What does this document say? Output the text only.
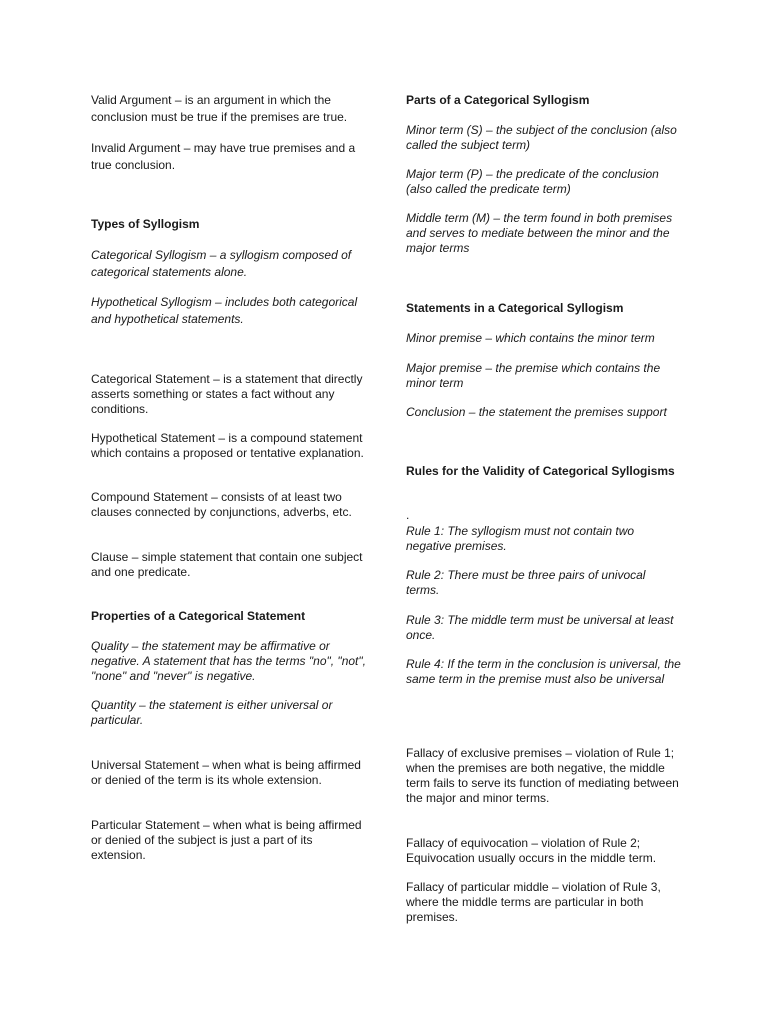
Valid Argument – is an argument in which the conclusion must be true if the premises are true.

Invalid Argument – may have true premises and a true conclusion.

Types of Syllogism

Categorical Syllogism – a syllogism composed of categorical statements alone.

Hypothetical Syllogism – includes both categorical and hypothetical statements.

Categorical Statement – is a statement that directly asserts something or states a fact without any conditions.

Hypothetical Statement – is a compound statement which contains a proposed or tentative explanation.

Compound Statement – consists of at least two clauses connected by conjunctions, adverbs, etc.

Clause – simple statement that contain one subject and one predicate.

Properties of a Categorical Statement

Quality – the statement may be affirmative or negative. A statement that has the terms "no", "not", "none" and "never" is negative.

Quantity – the statement is either universal or particular.

Universal Statement – when what is being affirmed or denied of the term is its whole extension.

Particular Statement – when what is being affirmed or denied of the subject is just a part of its extension.

Parts of a Categorical Syllogism

Minor term (S) – the subject of the conclusion (also called the subject term)

Major term (P) – the predicate of the conclusion (also called the predicate term)

Middle term (M) – the term found in both premises and serves to mediate between the minor and the major terms

Statements in a Categorical Syllogism

Minor premise – which contains the minor term

Major premise – the premise which contains the minor term

Conclusion – the statement the premises support

Rules for the Validity of Categorical Syllogisms

.

Rule 1: The syllogism must not contain two negative premises.

Rule 2: There must be three pairs of univocal terms.

Rule 3: The middle term must be universal at least once.

Rule 4: If the term in the conclusion is universal, the same term in the premise must also be universal

Fallacy of exclusive premises – violation of Rule 1; when the premises are both negative, the middle term fails to serve its function of mediating between the major and minor terms.

Fallacy of equivocation – violation of Rule 2; Equivocation usually occurs in the middle term.

Fallacy of particular middle – violation of Rule 3, where the middle terms are particular in both premises.
